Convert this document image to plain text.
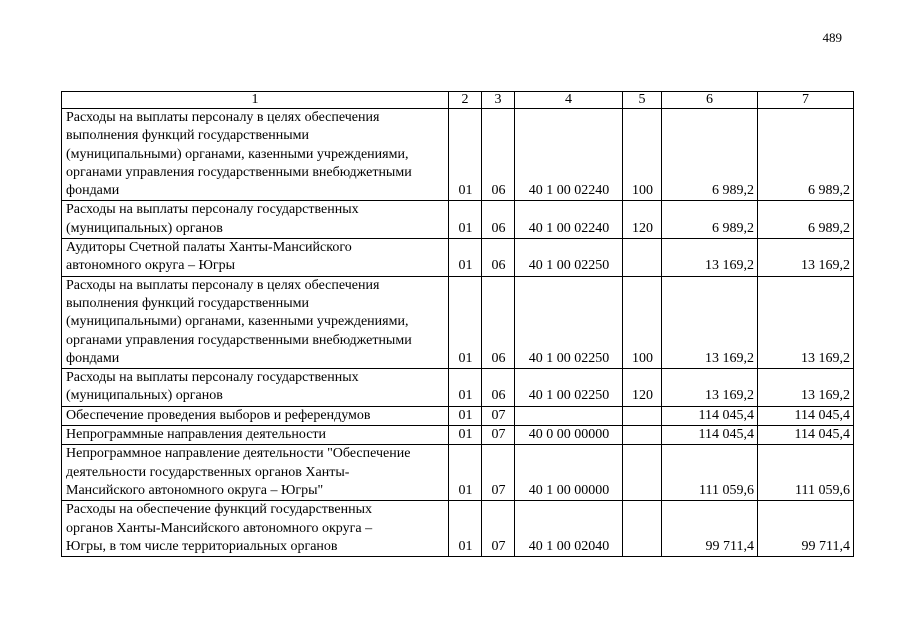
489
1	2	3	4	5	6	7

Расходы на выплаты персоналу в целях обеспечения
выполнения функций государственными
(муниципальными) органами, казенными учреждениями,
органами управления государственными внебюджетными
фондами	01	06	40 1 00 02240	100	6 989,2	6 989,2

Расходы на выплаты персоналу государственных
(муниципальных) органов	01	06	40 1 00 02240	120	6 989,2	6 989,2

Аудиторы Счетной палаты Ханты-Мансийского
автономного округа – Югры	01	06	40 1 00 02250		13 169,2	13 169,2

Расходы на выплаты персоналу в целях обеспечения
выполнения функций государственными
(муниципальными) органами, казенными учреждениями,
органами управления государственными внебюджетными
фондами	01	06	40 1 00 02250	100	13 169,2	13 169,2

Расходы на выплаты персоналу государственных
(муниципальных) органов	01	06	40 1 00 02250	120	13 169,2	13 169,2

Обеспечение проведения выборов и референдумов	01	07			114 045,4	114 045,4

Непрограммные направления деятельности	01	07	40 0 00 00000		114 045,4	114 045,4

Непрограммное направление деятельности "Обеспечение
деятельности государственных органов Ханты-
Мансийского автономного округа – Югры"	01	07	40 1 00 00000		111 059,6	111 059,6

Расходы на обеспечение функций государственных
органов Ханты-Мансийского автономного округа –
Югры, в том числе территориальных органов	01	07	40 1 00 02040		99 711,4	99 711,4
